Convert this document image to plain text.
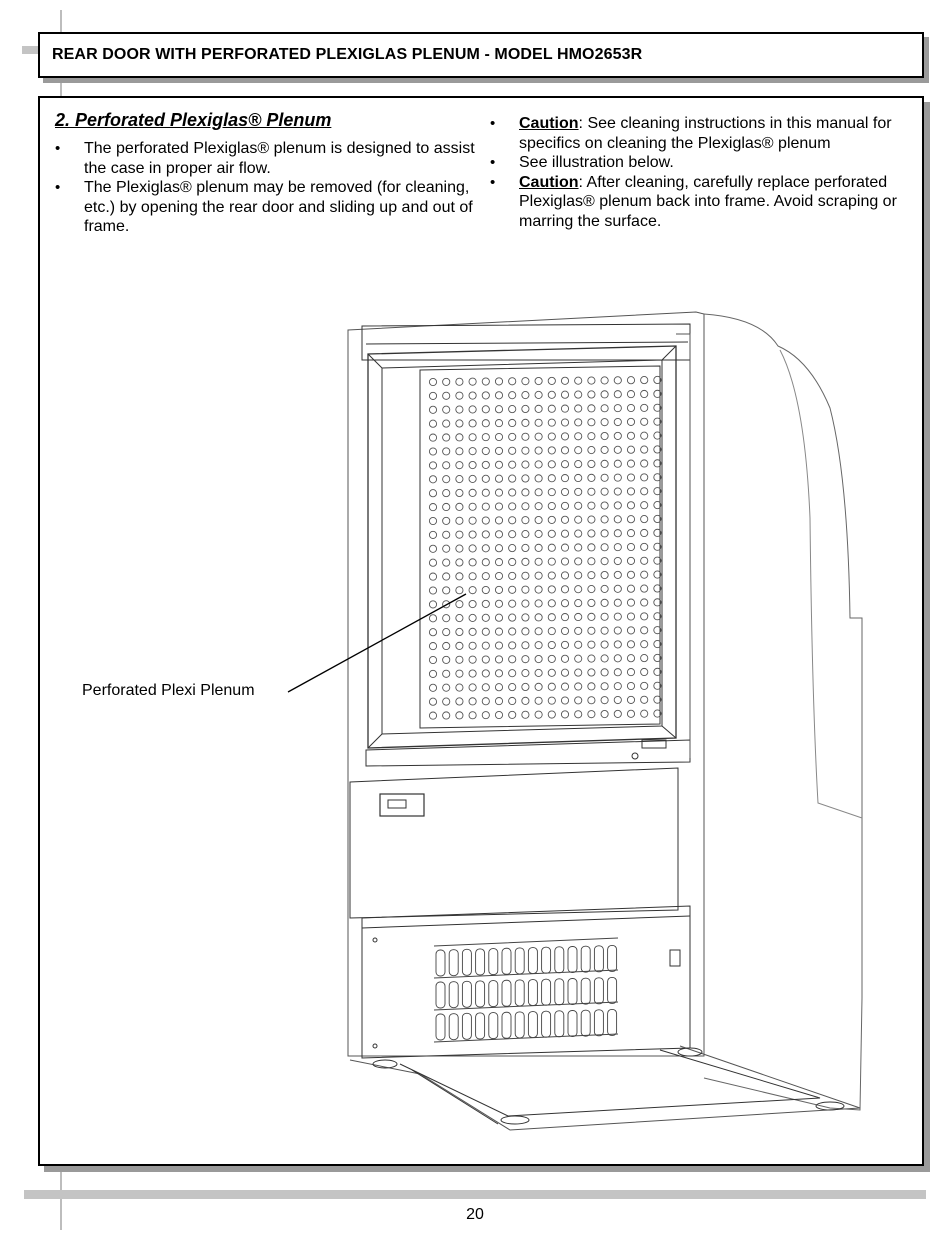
REAR DOOR WITH PERFORATED PLEXIGLAS PLENUM - MODEL HMO2653R
2. Perforated Plexiglas® Plenum
• The perforated Plexiglas® plenum is designed to assist the case in proper air flow.
• The Plexiglas® plenum may be removed (for cleaning, etc.) by opening the rear door and sliding up and out of frame.
• Caution: See cleaning instructions in this manual for specifics on cleaning the Plexiglas® plenum
• See illustration below.
• Caution: After cleaning, carefully replace perforated Plexiglas® plenum back into frame. Avoid scraping or marring the surface.
Perforated Plexi Plenum
20
